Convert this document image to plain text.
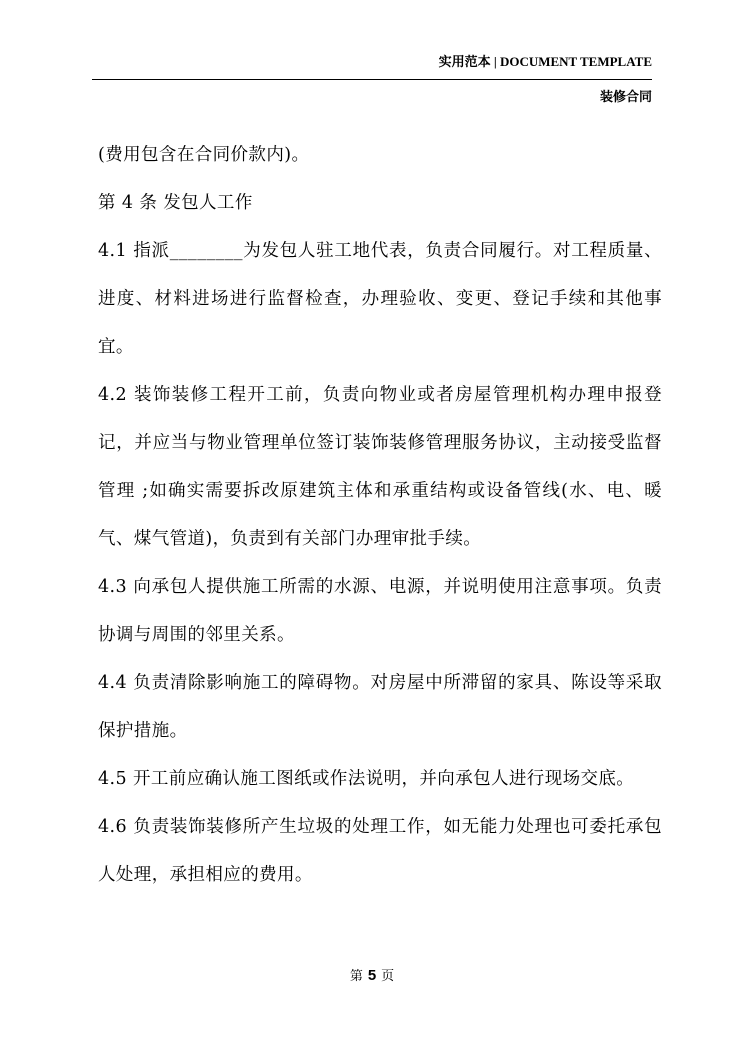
实用范本 | DOCUMENT TEMPLATE
装修合同

(费用包含在合同价款内)。

第 4 条 发包人工作

4.1 指派________为发包人驻工地代表，负责合同履行。对工程质量、进度、材料进场进行监督检查，办理验收、变更、登记手续和其他事宜。

4.2 装饰装修工程开工前，负责向物业或者房屋管理机构办理申报登记，并应当与物业管理单位签订装饰装修管理服务协议，主动接受监督管理 ;如确实需要拆改原建筑主体和承重结构或设备管线(水、电、暖气、煤气管道)，负责到有关部门办理审批手续。

4.3 向承包人提供施工所需的水源、电源，并说明使用注意事项。负责协调与周围的邻里关系。

4.4 负责清除影响施工的障碍物。对房屋中所滞留的家具、陈设等采取保护措施。

4.5 开工前应确认施工图纸或作法说明，并向承包人进行现场交底。

4.6 负责装饰装修所产生垃圾的处理工作，如无能力处理也可委托承包人处理，承担相应的费用。

第 5 页
